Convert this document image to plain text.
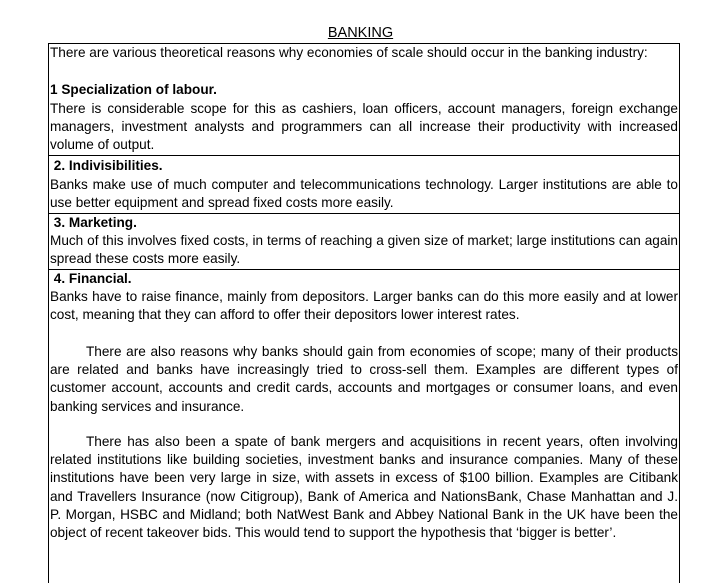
BANKING
There are various theoretical reasons why economies of scale should occur in the banking industry:
1 Specialization of labour.
There is considerable scope for this as cashiers, loan officers, account managers, foreign exchange managers, investment analysts and programmers can all increase their productivity with increased volume of output.
2. Indivisibilities.
Banks make use of much computer and telecommunications technology. Larger institutions are able to use better equipment and spread fixed costs more easily.
3. Marketing.
Much of this involves fixed costs, in terms of reaching a given size of market; large institutions can again spread these costs more easily.
4. Financial.
Banks have to raise finance, mainly from depositors. Larger banks can do this more easily and at lower cost, meaning that they can afford to offer their depositors lower interest rates.
There are also reasons why banks should gain from economies of scope; many of their products are related and banks have increasingly tried to cross-sell them. Examples are different types of customer account, accounts and credit cards, accounts and mortgages or consumer loans, and even banking services and insurance.
There has also been a spate of bank mergers and acquisitions in recent years, often involving related institutions like building societies, investment banks and insurance companies. Many of these institutions have been very large in size, with assets in excess of $100 billion. Examples are Citibank and Travellers Insurance (now Citigroup), Bank of America and NationsBank, Chase Manhattan and J. P. Morgan, HSBC and Midland; both NatWest Bank and Abbey National Bank in the UK have been the object of recent takeover bids. This would tend to support the hypothesis that ‘bigger is better’.
